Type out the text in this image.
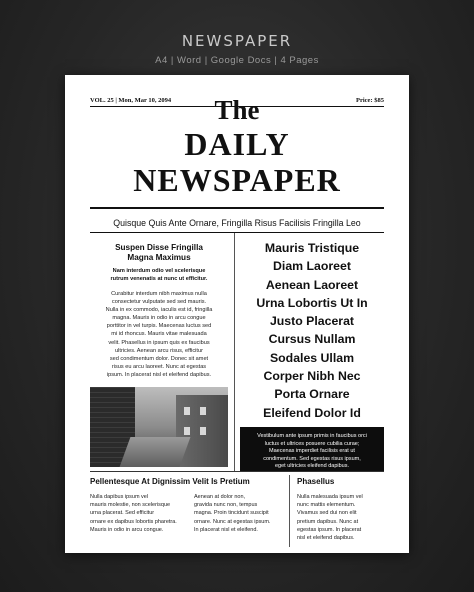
NEWSPAPER
A4 | Word | Google Docs | 4 Pages
VOL. 25 | Mon, Mar 10, 2094	Price: $85
The
DAILY
NEWSPAPER
Quisque Quis Ante Ornare, Fringilla Risus Facilisis Fringilla Leo
Suspen Disse Fringilla
Magna Maximus
Nam interdum odio vel scelerisque
rutrum venenatis at nunc ut efficitur.
Curabitur interdum nibh maximus nulla
consectetur vulputate sed sed mauris.
Nulla in ex commodo, iaculis est id, fringilla
magna. Mauris in odio in arcu congue
porttitor in vel turpis. Maecenas luctus sed
mi id rhoncus. Mauris vitae malesuada
velit. Phasellus in ipsum quis ex faucibus
ultricies. Aenean arcu risus, efficitur
sed condimentum dolor. Donec sit amet
risus eu arcu laoreet. Nunc at egestas
ipsum. In placerat nisl et eleifend dapibus.
Mauris Tristique
Diam Laoreet
Aenean Laoreet
Urna Lobortis Ut In
Justo Placerat
Cursus Nullam
Sodales Ullam
Corper Nibh Nec
Porta Ornare
Eleifend Dolor Id
Vestibulum ante ipsum primis in faucibus orci
luctus et ultrices posuere cubilia curae;
Maecenas imperdiet facilisis erat ut
condimentum. Sed egestas risus ipsum,
eget ultricies eleifend dapibus.
Pellentesque At Dignissim Velit Is Pretium
Nulla dapibus ipsum vel
mauris molestie, non scelerisque
urna placerat. Sed efficitur
ornare ex dapibus lobortis pharetra.
Mauris in odio in arcu congue.
Aenean at dolor non,
gravida nunc non, tempus
magna. Proin tincidunt suscipit
ornare. Nunc at egestas ipsum.
In placerat nisl et eleifend.
Phasellus
Nulla malesuada ipsum vel
nunc mattis elementum.
Vivamus sed dui non elit
pretium dapibus. Nunc at
egestas ipsum. In placerat
nisl et eleifend dapibus.
